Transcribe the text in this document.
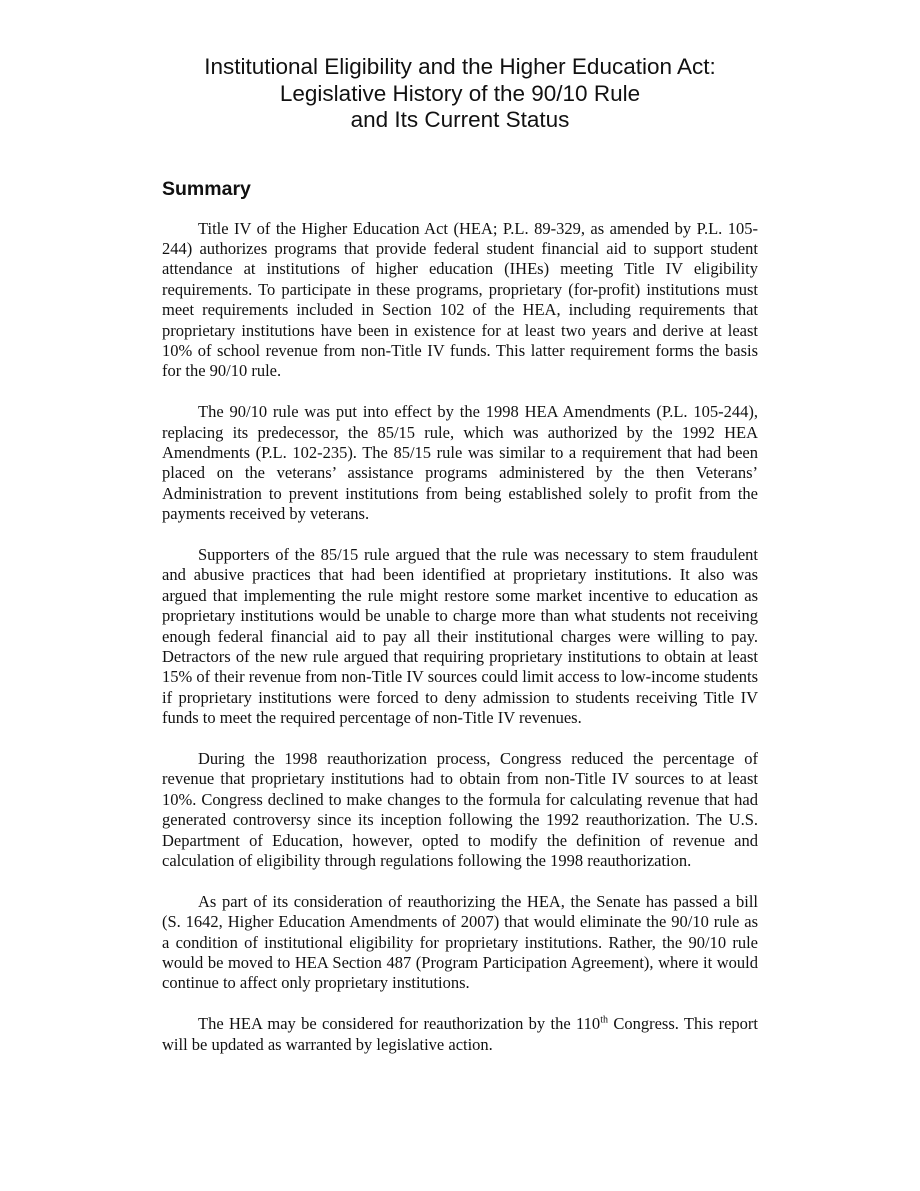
Institutional Eligibility and the Higher Education Act:
Legislative History of the 90/10 Rule
and Its Current Status
Summary

Title IV of the Higher Education Act (HEA; P.L. 89-329, as amended by P.L. 105-244) authorizes programs that provide federal student financial aid to support student attendance at institutions of higher education (IHEs) meeting Title IV eligibility requirements. To participate in these programs, proprietary (for-profit) institutions must meet requirements included in Section 102 of the HEA, including requirements that proprietary institutions have been in existence for at least two years and derive at least 10% of school revenue from non-Title IV funds. This latter requirement forms the basis for the 90/10 rule.

The 90/10 rule was put into effect by the 1998 HEA Amendments (P.L. 105-244), replacing its predecessor, the 85/15 rule, which was authorized by the 1992 HEA Amendments (P.L. 102-235). The 85/15 rule was similar to a requirement that had been placed on the veterans’ assistance programs administered by the then Veterans’ Administration to prevent institutions from being established solely to profit from the payments received by veterans.

Supporters of the 85/15 rule argued that the rule was necessary to stem fraudulent and abusive practices that had been identified at proprietary institutions. It also was argued that implementing the rule might restore some market incentive to education as proprietary institutions would be unable to charge more than what students not receiving enough federal financial aid to pay all their institutional charges were willing to pay. Detractors of the new rule argued that requiring proprietary institutions to obtain at least 15% of their revenue from non-Title IV sources could limit access to low-income students if proprietary institutions were forced to deny admission to students receiving Title IV funds to meet the required percentage of non-Title IV revenues.

During the 1998 reauthorization process, Congress reduced the percentage of revenue that proprietary institutions had to obtain from non-Title IV sources to at least 10%. Congress declined to make changes to the formula for calculating revenue that had generated controversy since its inception following the 1992 reauthorization. The U.S. Department of Education, however, opted to modify the definition of revenue and calculation of eligibility through regulations following the 1998 reauthorization.

As part of its consideration of reauthorizing the HEA, the Senate has passed a bill (S. 1642, Higher Education Amendments of 2007) that would eliminate the 90/10 rule as a condition of institutional eligibility for proprietary institutions. Rather, the 90/10 rule would be moved to HEA Section 487 (Program Participation Agreement), where it would continue to affect only proprietary institutions.

The HEA may be considered for reauthorization by the 110th Congress. This report will be updated as warranted by legislative action.
